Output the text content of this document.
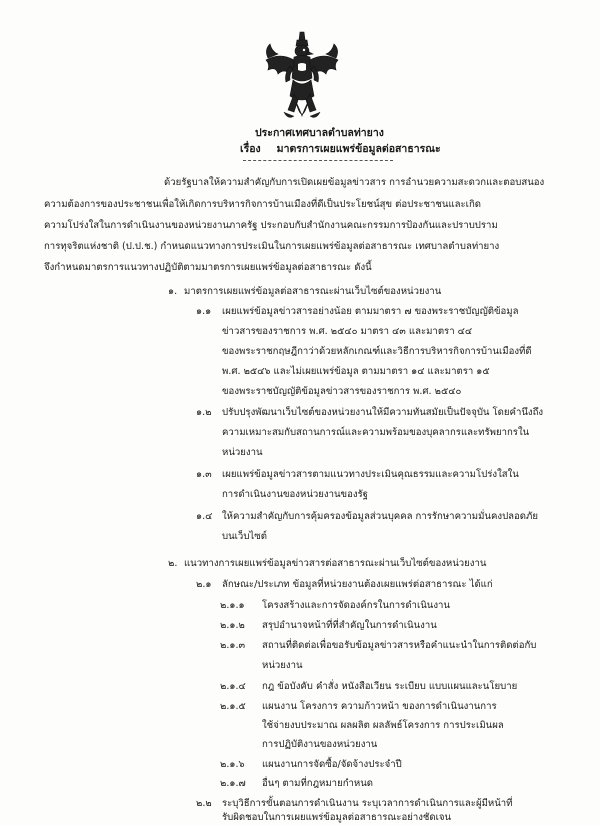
ประกาศเทศบาลตำบลท่ายาง
เรื่อง มาตรการเผยแพร่ข้อมูลต่อสาธารณะ
ด้วยรัฐบาลให้ความสำคัญกับการเปิดเผยข้อมูลข่าวสาร การอำนวยความสะดวกและตอบสนอง
ความต้องการของประชาชนเพื่อให้เกิดการบริหารกิจการบ้านเมืองที่ดีเป็นประโยชน์สุข ต่อประชาชนและเกิด
ความโปร่งใสในการดำเนินงานของหน่วยงานภาครัฐ ประกอบกับสำนักงานคณะกรรมการป้องกันและปราบปราม
การทุจริตแห่งชาติ (ป.ป.ช.) กำหนดแนวทางการประเมินในการเผยแพร่ข้อมูลต่อสาธารณะ เทศบาลตำบลท่ายาง
จึงกำหนดมาตรการแนวทางปฏิบัติตามมาตรการเผยแพร่ข้อมูลต่อสาธารณะ ดังนี้
๑. มาตรการเผยแพร่ข้อมูลต่อสาธารณะผ่านเว็บไซต์ของหน่วยงาน
๑.๑ เผยแพร่ข้อมูลข่าวสารอย่างน้อย ตามมาตรา ๗ ของพระราชบัญญัติข้อมูล
ข่าวสารของราชการ พ.ศ. ๒๕๔๐ มาตรา ๔๓ และมาตรา ๔๔
ของพระราชกฤษฎีกาว่าด้วยหลักเกณฑ์และวิธีการบริหารกิจการบ้านเมืองที่ดี
พ.ศ. ๒๕๔๖ และไม่เผยแพร่ข้อมูล ตามมาตรา ๑๔ และมาตรา ๑๕
ของพระราชบัญญัติข้อมูลข่าวสารของราชการ พ.ศ. ๒๕๔๐
๑.๒ ปรับปรุงพัฒนาเว็บไซต์ของหน่วยงานให้มีความทันสมัยเป็นปัจจุบัน โดยคำนึงถึง
ความเหมาะสมกับสถานการณ์และความพร้อมของบุคลากรและทรัพยากรใน
หน่วยงาน
๑.๓ เผยแพร่ข้อมูลข่าวสารตามแนวทางประเมินคุณธรรมและความโปร่งใสใน
การดำเนินงานของหน่วยงานของรัฐ
๑.๔ ให้ความสำคัญกับการคุ้มครองข้อมูลส่วนบุคคล การรักษาความมั่นคงปลอดภัย
บนเว็บไซต์
๒. แนวทางการเผยแพร่ข้อมูลข่าวสารต่อสาธารณะผ่านเว็บไซต์ของหน่วยงาน
๒.๑ ลักษณะ/ประเภท ข้อมูลที่หน่วยงานต้องเผยแพร่ต่อสาธารณะ ได้แก่
๒.๑.๑ โครงสร้างและการจัดองค์กรในการดำเนินงาน
๒.๑.๒ สรุปอำนาจหน้าที่ที่สำคัญในการดำเนินงาน
๒.๑.๓ สถานที่ติดต่อเพื่อขอรับข้อมูลข่าวสารหรือคำแนะนำในการติดต่อกับ
หน่วยงาน
๒.๑.๔ กฎ ข้อบังคับ คำสั่ง หนังสือเวียน ระเบียบ แบบแผนและนโยบาย
๒.๑.๕ แผนงาน โครงการ ความก้าวหน้า ของการดำเนินงานการ
ใช้จ่ายงบประมาณ ผลผลิต ผลลัพธ์โครงการ การประเมินผล
การปฏิบัติงานของหน่วยงาน
๒.๑.๖ แผนงานการจัดซื้อ/จัดจ้างประจำปี
๒.๑.๗ อื่นๆ ตามที่กฎหมายกำหนด
๒.๒ ระบุวิธีการขั้นตอนการดำเนินงาน ระบุเวลาการดำเนินการและผู้มีหน้าที่
รับผิดชอบในการเผยแพร่ข้อมูลต่อสาธารณะอย่างชัดเจน
